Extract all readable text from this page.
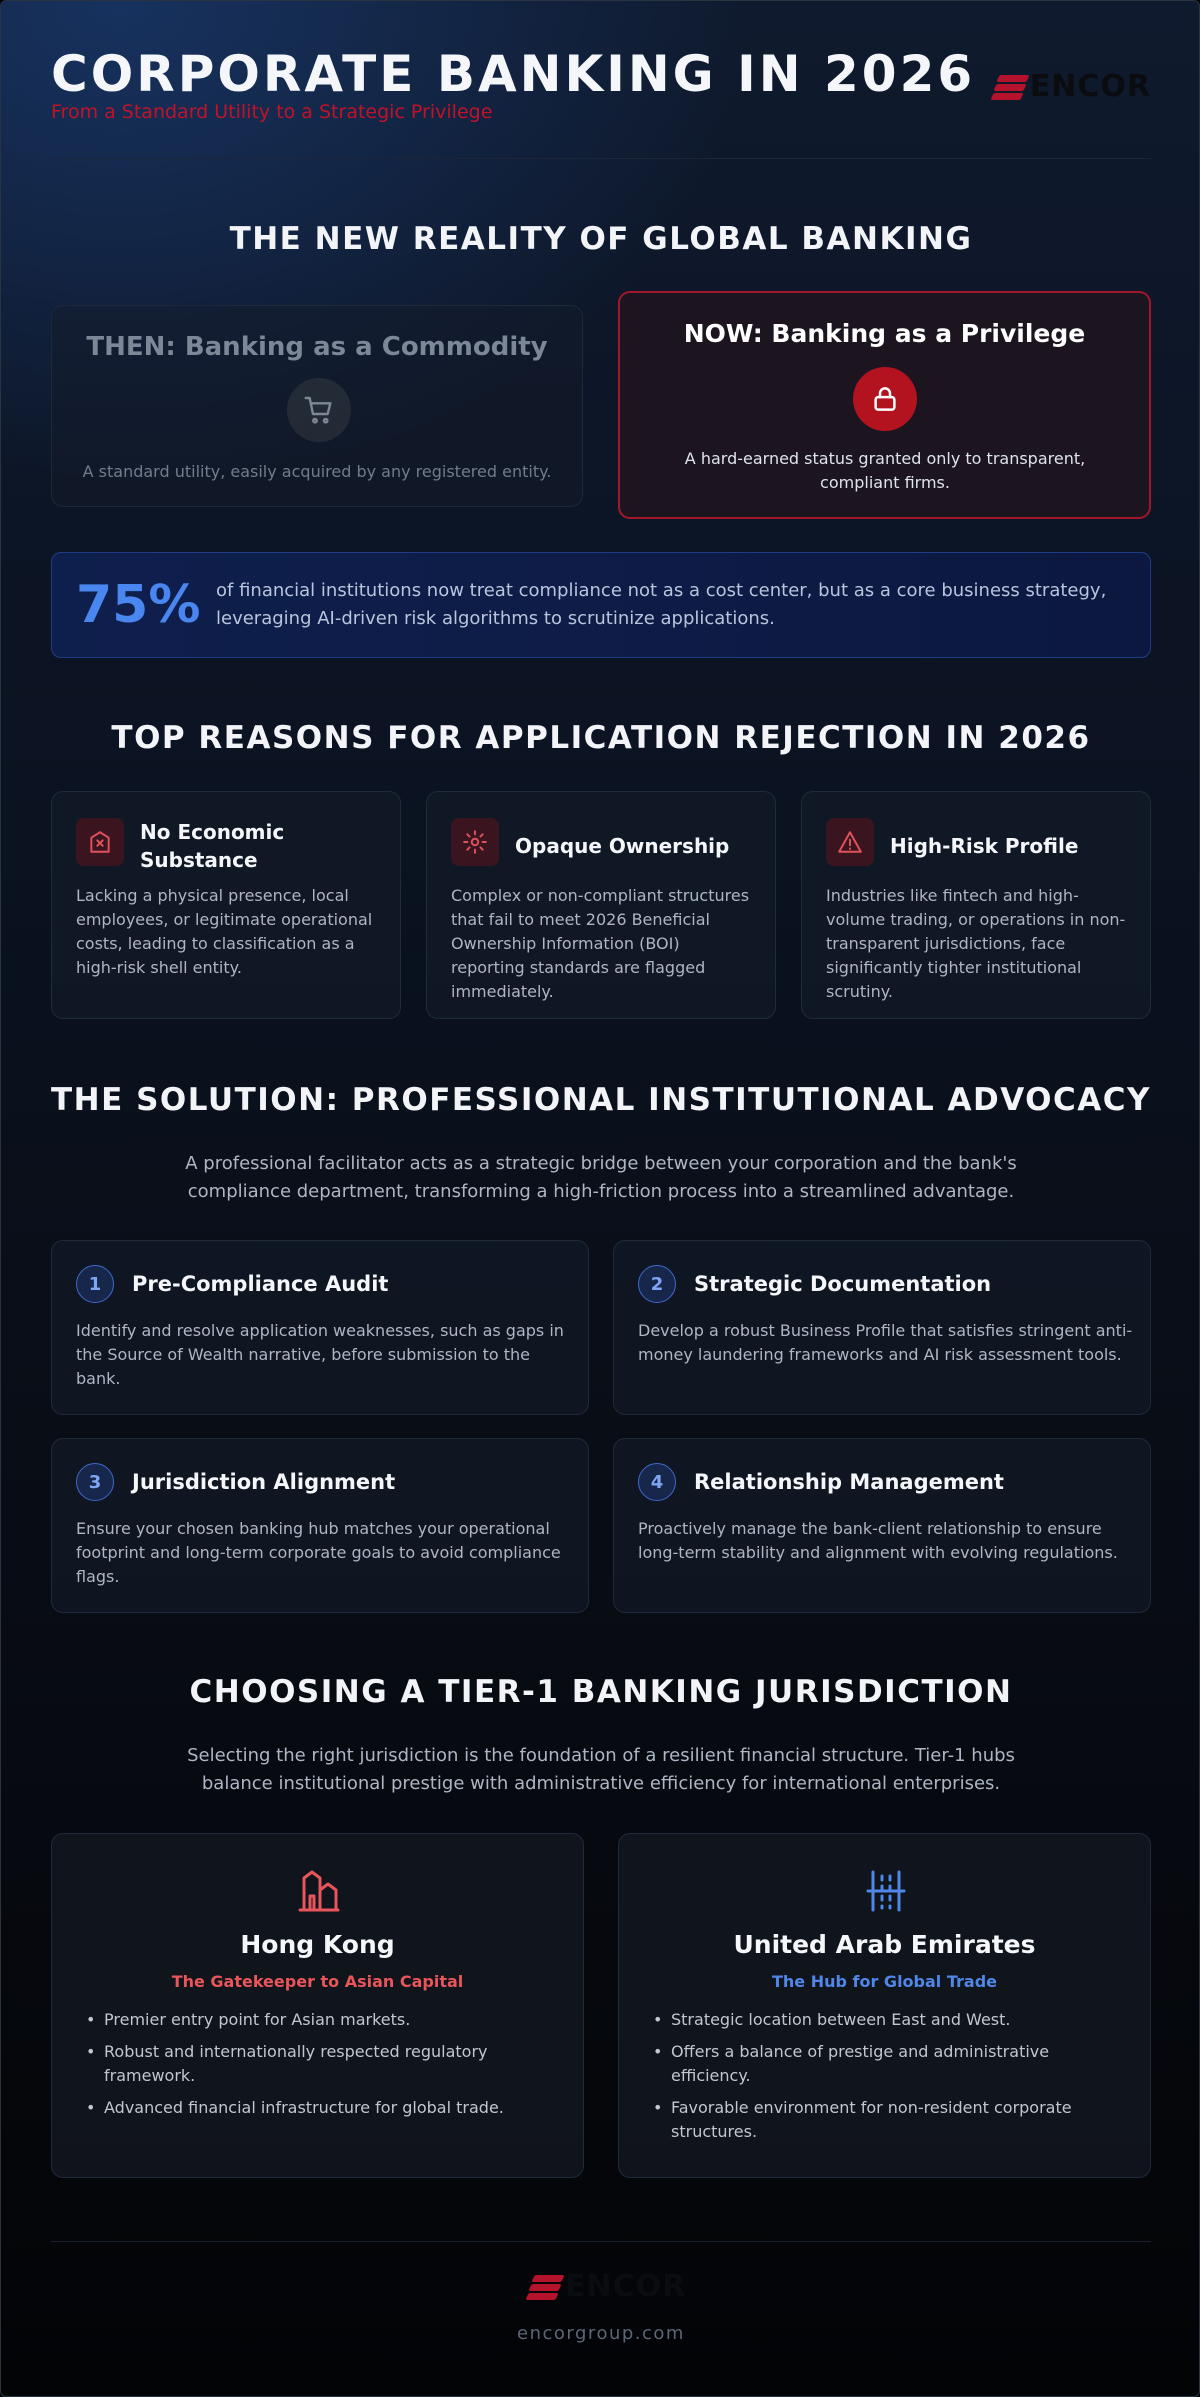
CORPORATE BANKING IN 2026
From a Standard Utility to a Strategic Privilege
ENCOR
THE NEW REALITY OF GLOBAL BANKING
THEN: Banking as a Commodity
A standard utility, easily acquired by any registered entity.
NOW: Banking as a Privilege
A hard-earned status granted only to transparent, compliant firms.
75% of financial institutions now treat compliance not as a cost center, but as a core business strategy, leveraging AI-driven risk algorithms to scrutinize applications.
TOP REASONS FOR APPLICATION REJECTION IN 2026
No Economic Substance
Lacking a physical presence, local employees, or legitimate operational costs, leading to classification as a high-risk shell entity.
Opaque Ownership
Complex or non-compliant structures that fail to meet 2026 Beneficial Ownership Information (BOI) reporting standards are flagged immediately.
High-Risk Profile
Industries like fintech and high-volume trading, or operations in non-transparent jurisdictions, face significantly tighter institutional scrutiny.
THE SOLUTION: PROFESSIONAL INSTITUTIONAL ADVOCACY
A professional facilitator acts as a strategic bridge between your corporation and the bank's compliance department, transforming a high-friction process into a streamlined advantage.
1	Pre-Compliance Audit
Identify and resolve application weaknesses, such as gaps in the Source of Wealth narrative, before submission to the bank.
2	Strategic Documentation
Develop a robust Business Profile that satisfies stringent anti-money laundering frameworks and AI risk assessment tools.
3	Jurisdiction Alignment
Ensure your chosen banking hub matches your operational footprint and long-term corporate goals to avoid compliance flags.
4	Relationship Management
Proactively manage the bank-client relationship to ensure long-term stability and alignment with evolving regulations.
CHOOSING A TIER-1 BANKING JURISDICTION
Selecting the right jurisdiction is the foundation of a resilient financial structure. Tier-1 hubs balance institutional prestige with administrative efficiency for international enterprises.
Hong Kong
The Gatekeeper to Asian Capital
• Premier entry point for Asian markets.
• Robust and internationally respected regulatory framework.
• Advanced financial infrastructure for global trade.
United Arab Emirates
The Hub for Global Trade
• Strategic location between East and West.
• Offers a balance of prestige and administrative efficiency.
• Favorable environment for non-resident corporate structures.
ENCOR
encorgroup.com
